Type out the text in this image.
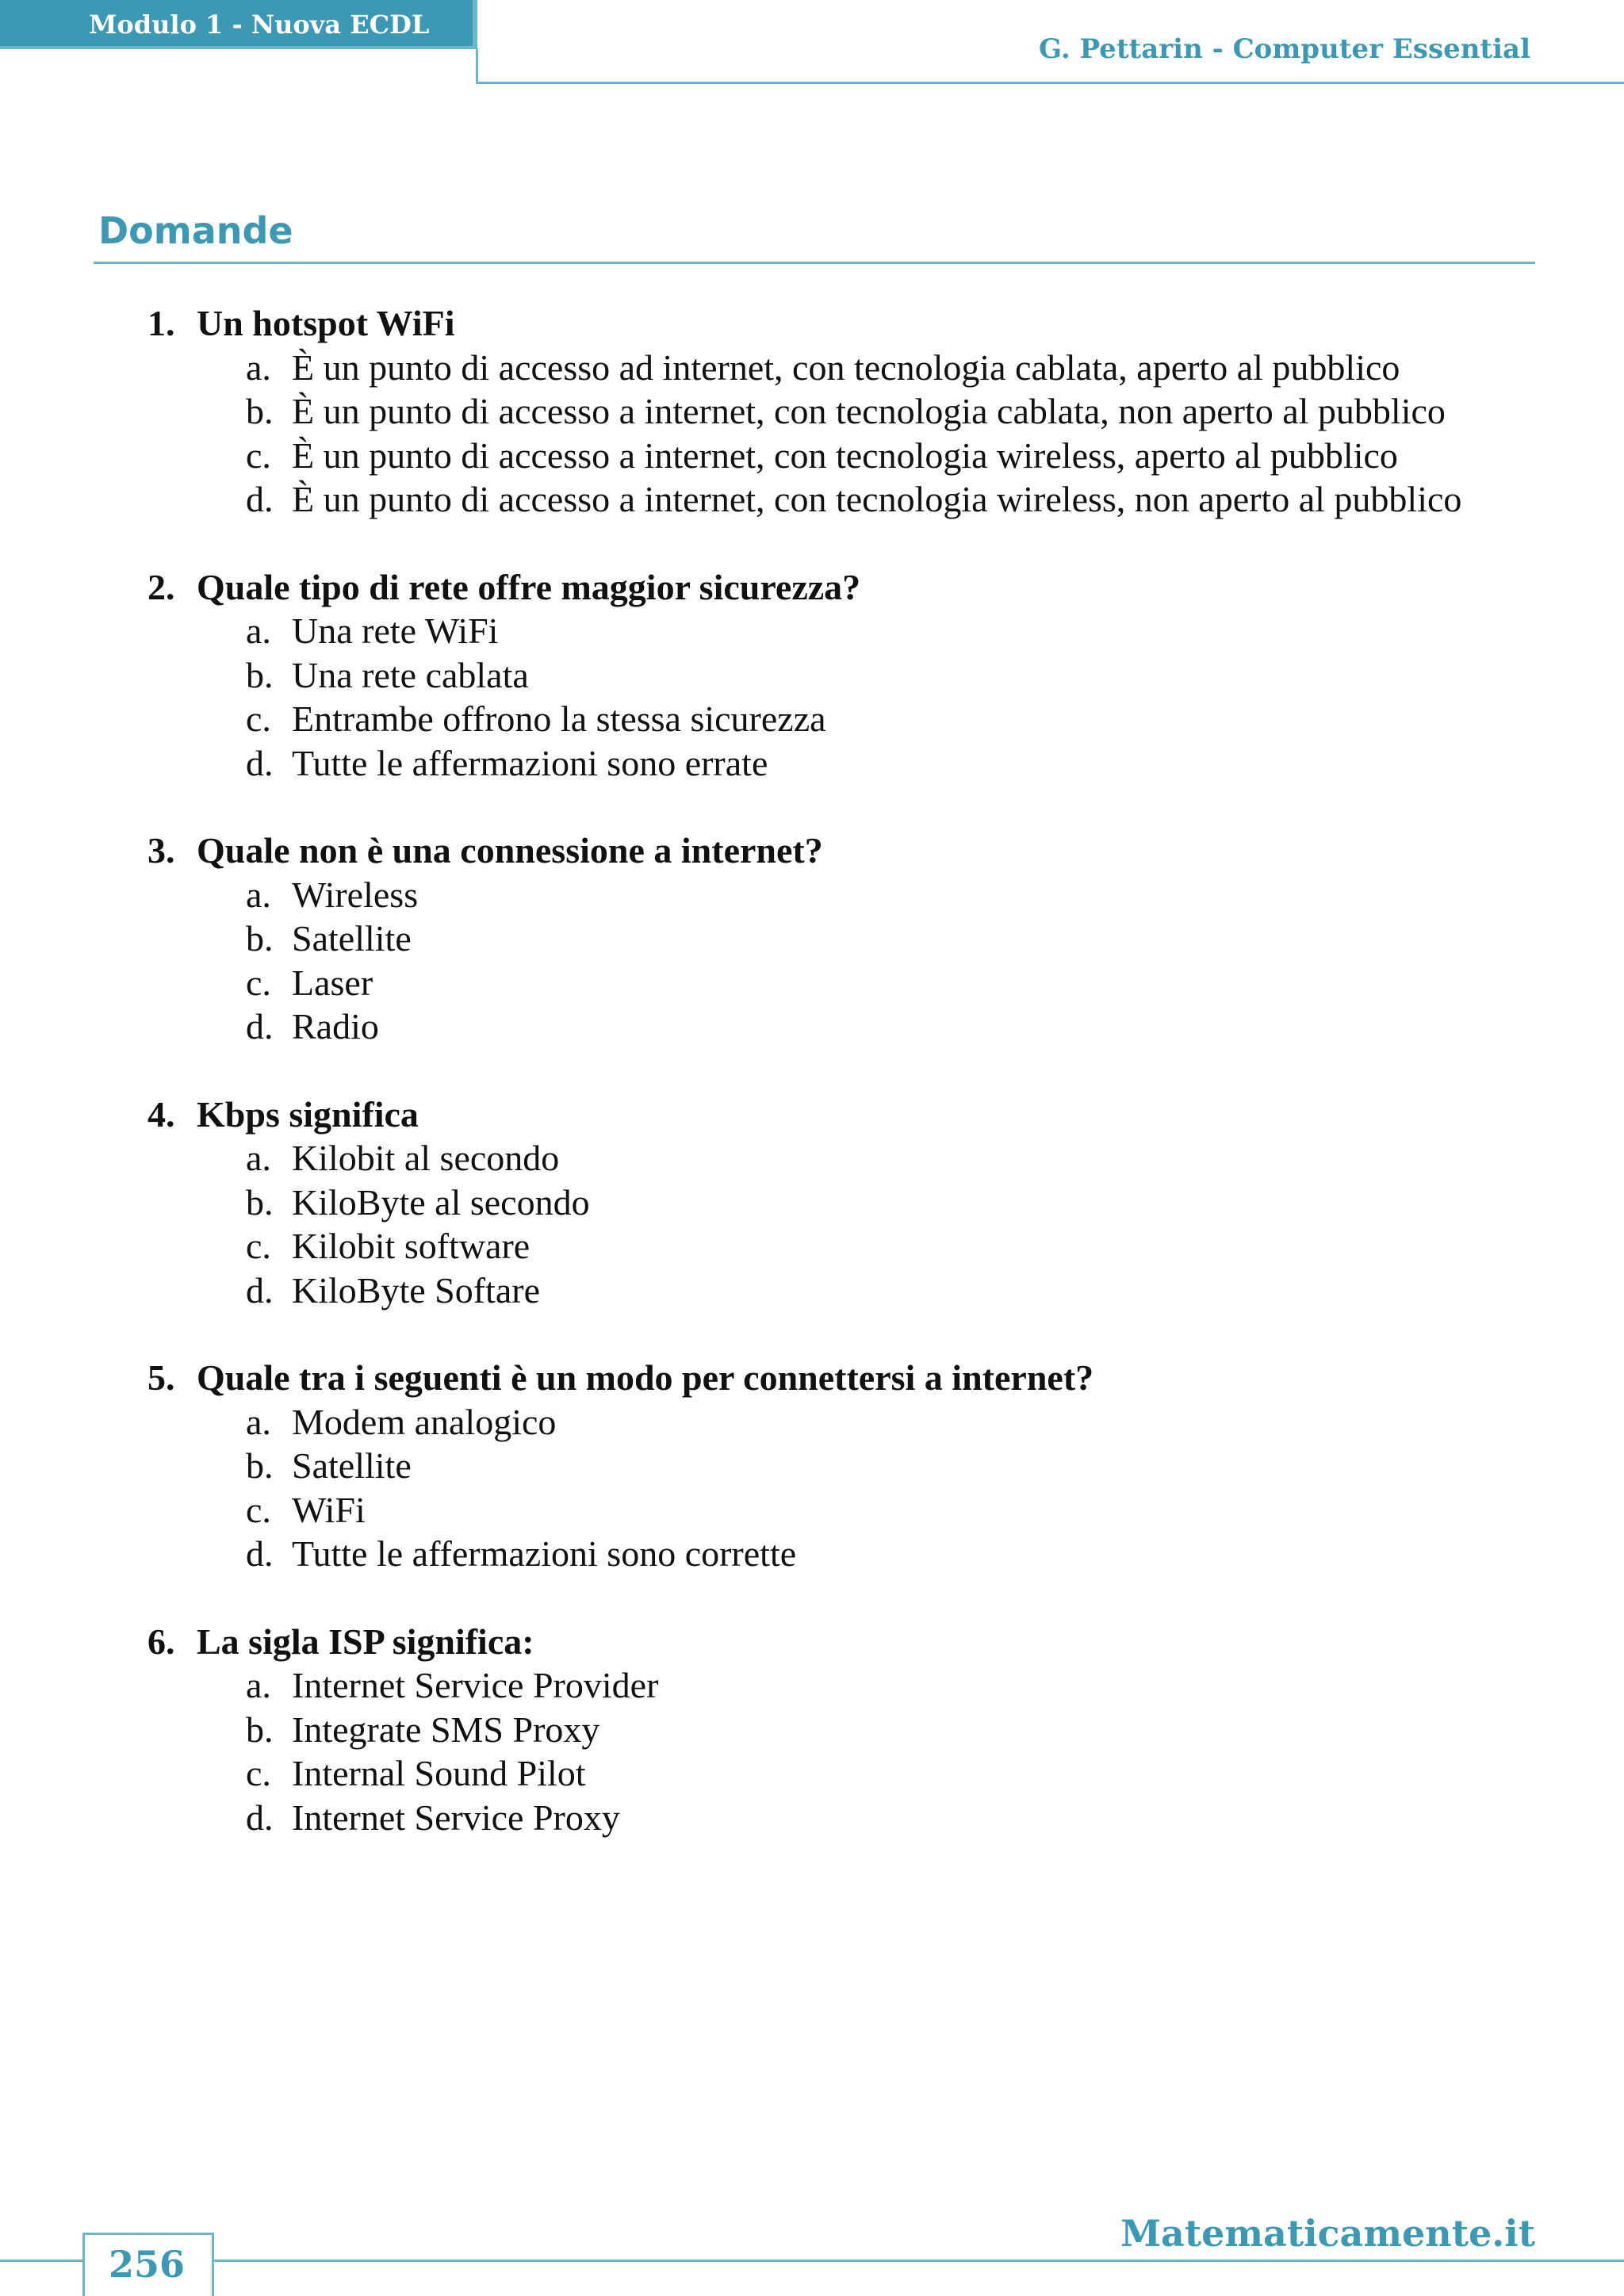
Modulo 1 - Nuova ECDL
G. Pettarin - Computer Essential
Domande
1. Un hotspot WiFi
a. È un punto di accesso ad internet, con tecnologia cablata, aperto al pubblico
b. È un punto di accesso a internet, con tecnologia cablata, non aperto al pubblico
c. È un punto di accesso a internet, con tecnologia wireless, aperto al pubblico
d. È un punto di accesso a internet, con tecnologia wireless, non aperto al pubblico
2. Quale tipo di rete offre maggior sicurezza?
a. Una rete WiFi
b. Una rete cablata
c. Entrambe offrono la stessa sicurezza
d. Tutte le affermazioni sono errate
3. Quale non è una connessione a internet?
a. Wireless
b. Satellite
c. Laser
d. Radio
4. Kbps significa
a. Kilobit al secondo
b. KiloByte al secondo
c. Kilobit software
d. KiloByte Softare
5. Quale tra i seguenti è un modo per connettersi a internet?
a. Modem analogico
b. Satellite
c. WiFi
d. Tutte le affermazioni sono corrette
6. La sigla ISP significa:
a. Internet Service Provider
b. Integrate SMS Proxy
c. Internal Sound Pilot
d. Internet Service Proxy
Matematicamente.it
256
